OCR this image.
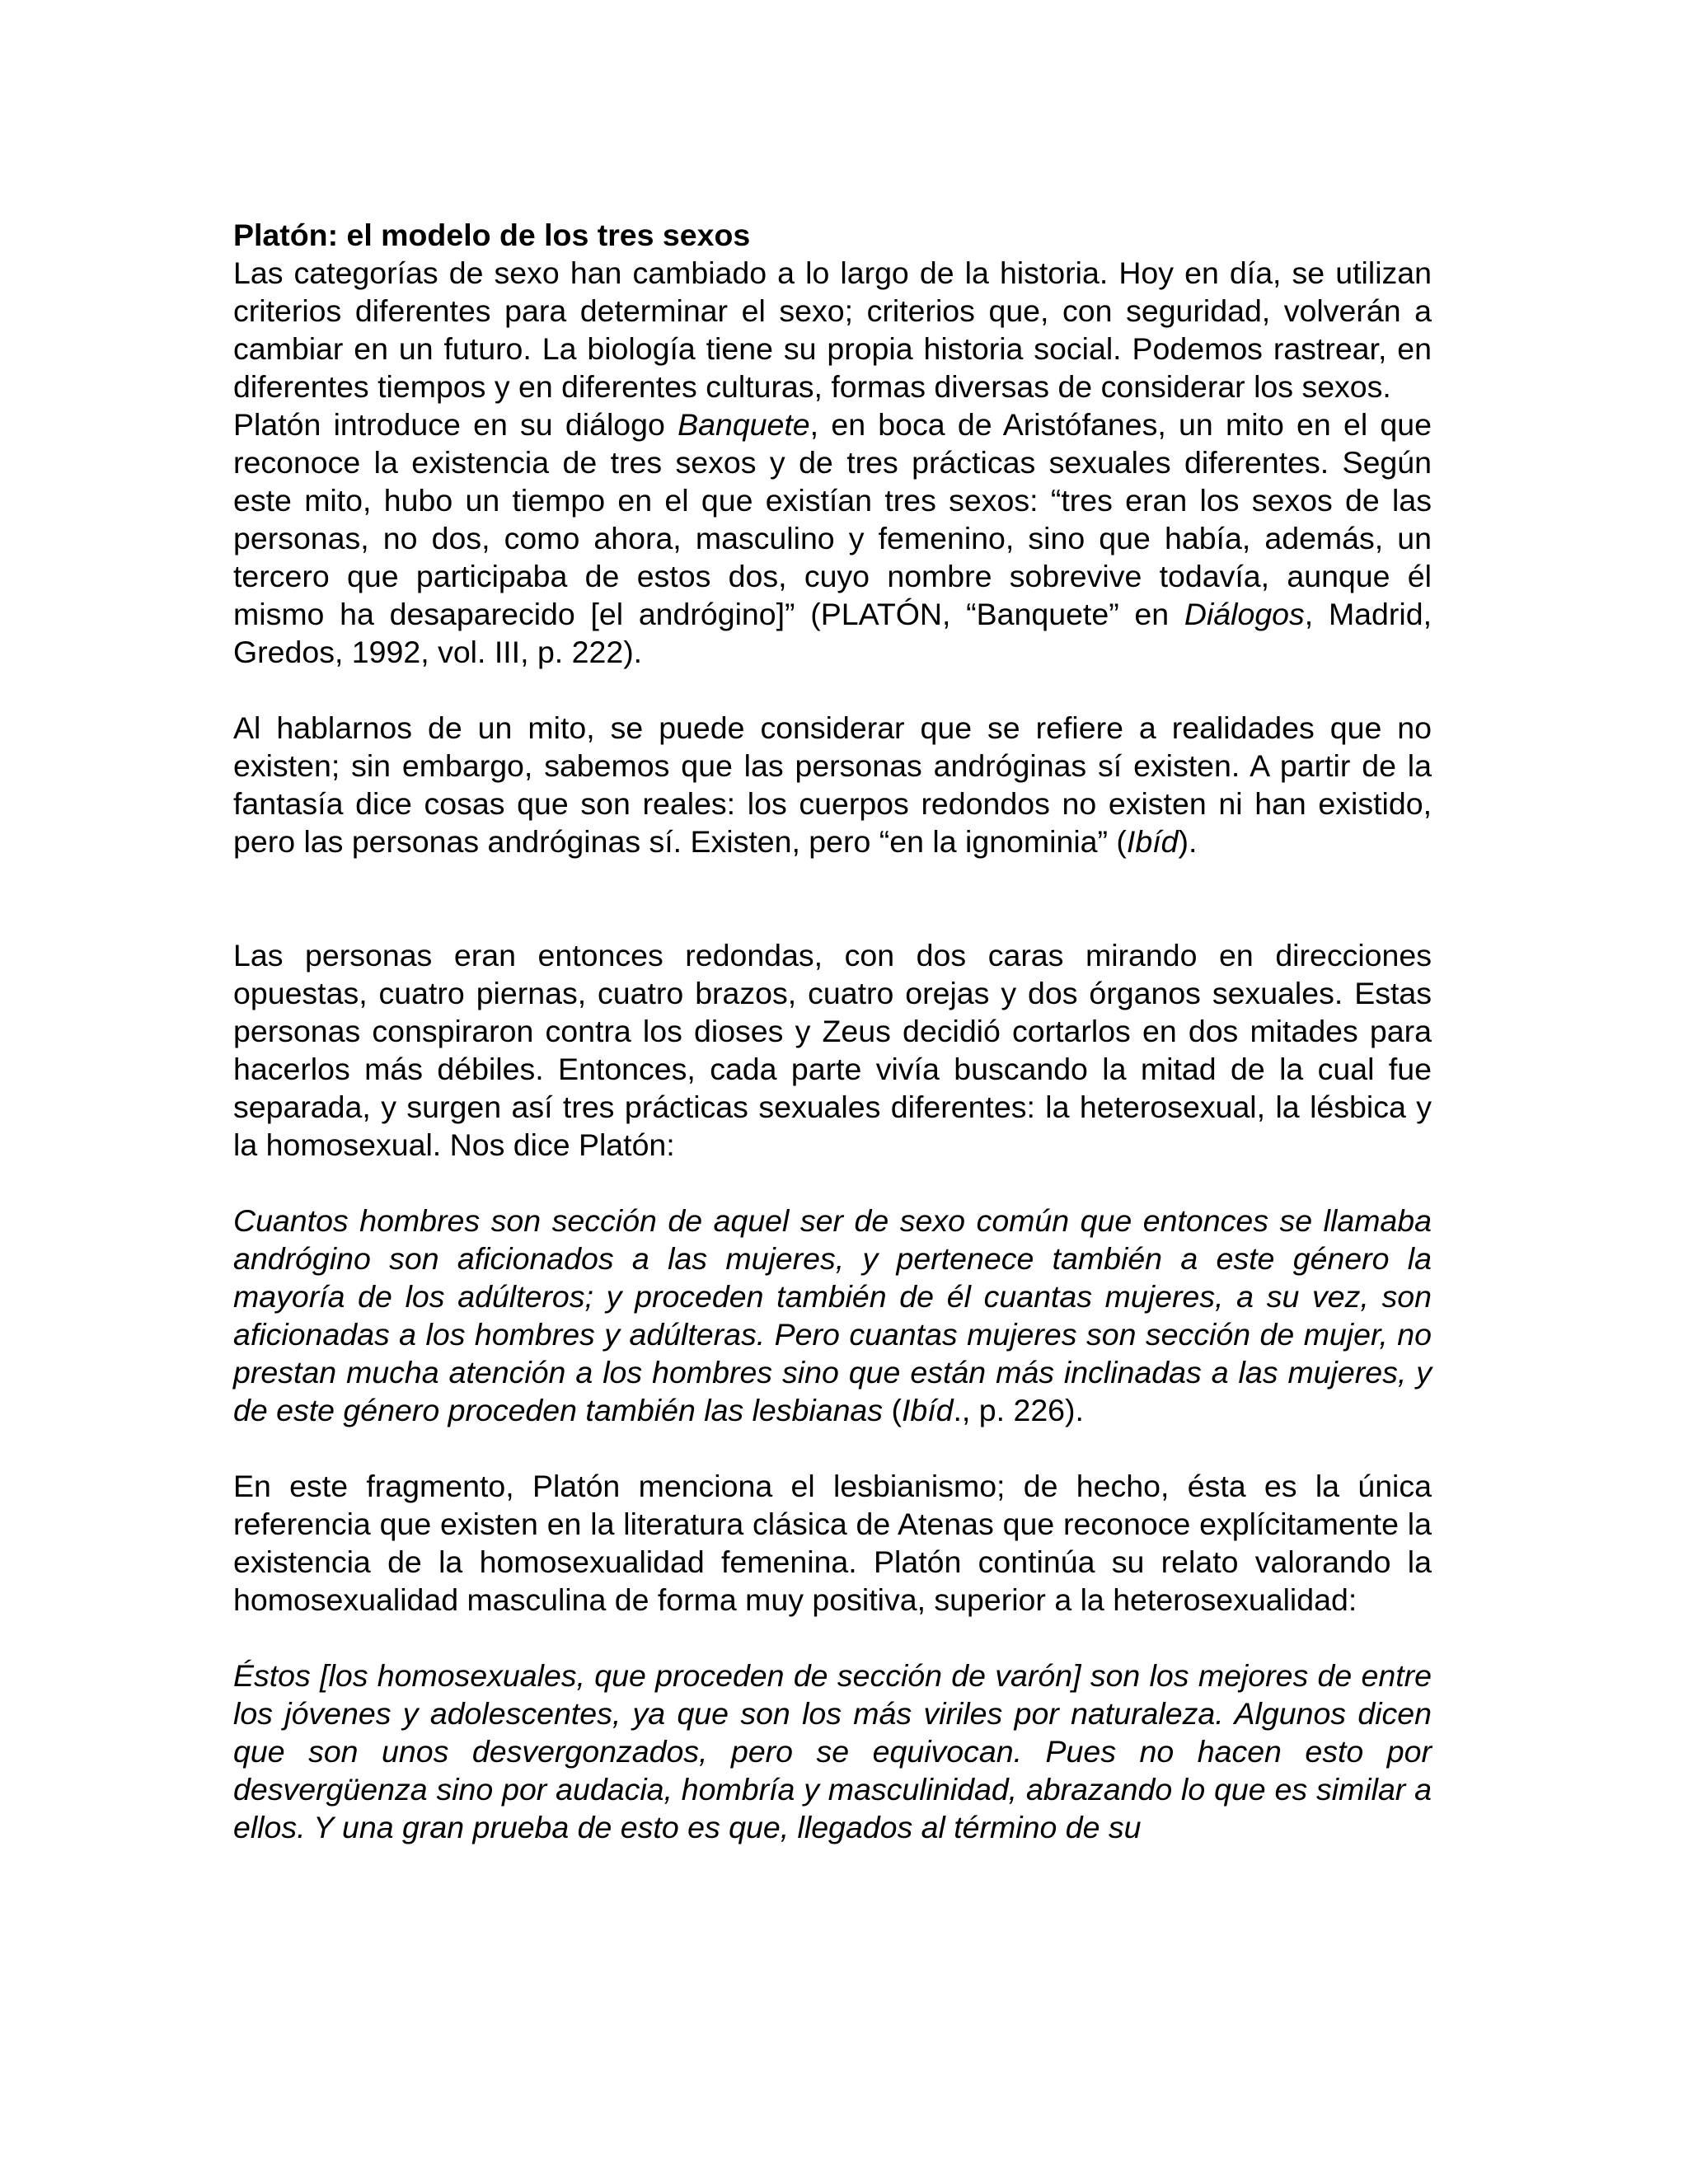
Platón: el modelo de los tres sexos

Las categorías de sexo han cambiado a lo largo de la historia. Hoy en día, se utilizan criterios diferentes para determinar el sexo; criterios que, con seguridad, volverán a cambiar en un futuro. La biología tiene su propia historia social. Podemos rastrear, en diferentes tiempos y en diferentes culturas, formas diversas de considerar los sexos.

Platón introduce en su diálogo Banquete, en boca de Aristófanes, un mito en el que reconoce la existencia de tres sexos y de tres prácticas sexuales diferentes. Según este mito, hubo un tiempo en el que existían tres sexos: “tres eran los sexos de las personas, no dos, como ahora, masculino y femenino, sino que había, además, un tercero que participaba de estos dos, cuyo nombre sobrevive todavía, aunque él mismo ha desaparecido [el andrógino]” (PLATÓN, “Banquete” en Diálogos, Madrid, Gredos, 1992, vol. III, p. 222).

Al hablarnos de un mito, se puede considerar que se refiere a realidades que no existen; sin embargo, sabemos que las personas andróginas sí existen. A partir de la fantasía dice cosas que son reales: los cuerpos redondos no existen ni han existido, pero las personas andróginas sí. Existen, pero “en la ignominia” (Ibíd).

Las personas eran entonces redondas, con dos caras mirando en direcciones opuestas, cuatro piernas, cuatro brazos, cuatro orejas y dos órganos sexuales. Estas personas conspiraron contra los dioses y Zeus decidió cortarlos en dos mitades para hacerlos más débiles. Entonces, cada parte vivía buscando la mitad de la cual fue separada, y surgen así tres prácticas sexuales diferentes: la heterosexual, la lésbica y la homosexual. Nos dice Platón:

Cuantos hombres son sección de aquel ser de sexo común que entonces se llamaba andrógino son aficionados a las mujeres, y pertenece también a este género la mayoría de los adúlteros; y proceden también de él cuantas mujeres, a su vez, son aficionadas a los hombres y adúlteras. Pero cuantas mujeres son sección de mujer, no prestan mucha atención a los hombres sino que están más inclinadas a las mujeres, y de este género proceden también las lesbianas (Ibíd., p. 226).

En este fragmento, Platón menciona el lesbianismo; de hecho, ésta es la única referencia que existen en la literatura clásica de Atenas que reconoce explícitamente la existencia de la homosexualidad femenina. Platón continúa su relato valorando la homosexualidad masculina de forma muy positiva, superior a la heterosexualidad:

Éstos [los homosexuales, que proceden de sección de varón] son los mejores de entre los jóvenes y adolescentes, ya que son los más viriles por naturaleza. Algunos dicen que son unos desvergonzados, pero se equivocan. Pues no hacen esto por desvergüenza sino por audacia, hombría y masculinidad, abrazando lo que es similar a ellos. Y una gran prueba de esto es que, llegados al término de su
